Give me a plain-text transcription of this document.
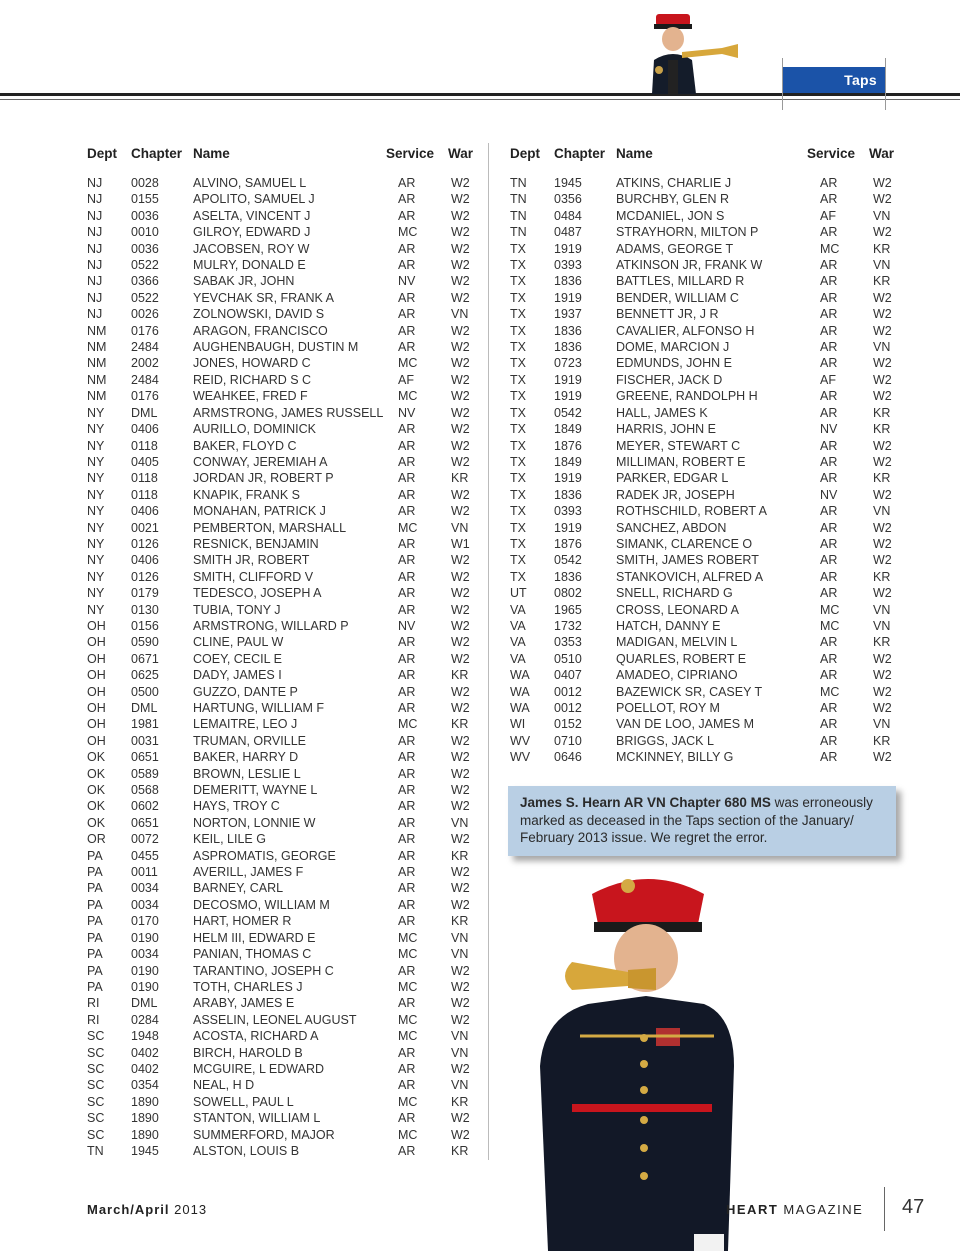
Taps
Dept Chapter Name	Service War
NJ 0028	ALVINO, SAMUEL L	AR	W2
NJ 0155	APOLITO, SAMUEL J	AR	W2
NJ 0036	ASELTA, VINCENT J	AR	W2
NJ 0010	GILROY, EDWARD J	MC	W2
NJ 0036	JACOBSEN, ROY W	AR	W2
NJ 0522	MULRY, DONALD E	AR	W2
NJ 0366	SABAK JR, JOHN	NV	W2
NJ 0522	YEVCHAK SR, FRANK A	AR	W2
NJ 0026	ZOLNOWSKI, DAVID S	AR	VN
NM 0176	ARAGON, FRANCISCO	AR	W2
NM 2484	AUGHENBAUGH, DUSTIN M	AR	W2
NM 2002	JONES, HOWARD C	MC	W2
NM 2484	REID, RICHARD S C	AF	W2
NM 0176	WEAHKEE, FRED F	MC	W2
NY DML	ARMSTRONG, JAMES RUSSELL NV	W2
NY 0406	AURILLO, DOMINICK	AR	W2
NY 0118	BAKER, FLOYD C	AR	W2
NY 0405	CONWAY, JEREMIAH A	AR	W2
NY 0118	JORDAN JR, ROBERT P	AR	KR
NY 0118	KNAPIK, FRANK S	AR	W2
NY 0406	MONAHAN, PATRICK J	AR	W2
NY 0021	PEMBERTON, MARSHALL	MC	VN
NY 0126	RESNICK, BENJAMIN	AR	W1
NY 0406	SMITH JR, ROBERT	AR	W2
NY 0126	SMITH, CLIFFORD V	AR	W2
NY 0179	TEDESCO, JOSEPH A	AR	W2
NY 0130	TUBIA, TONY J	AR	W2
OH 0156	ARMSTRONG, WILLARD P	NV	W2
OH 0590	CLINE, PAUL W	AR	W2
OH 0671	COEY, CECIL E	AR	W2
OH 0625	DADY, JAMES I	AR	KR
OH 0500	GUZZO, DANTE P	AR	W2
OH DML	HARTUNG, WILLIAM F	AR	W2
OH 1981	LEMAITRE, LEO J	MC	KR
OH 0031	TRUMAN, ORVILLE	AR	W2
OK 0651	BAKER, HARRY D	AR	W2
OK 0589	BROWN, LESLIE L	AR	W2
OK 0568	DEMERITT, WAYNE L	AR	W2
OK 0602	HAYS, TROY C	AR	W2
OK 0651	NORTON, LONNIE W	AR	VN
OR 0072	KEIL, LILE G	AR	W2
PA 0455	ASPROMATIS, GEORGE	AR	KR
PA 0011	AVERILL, JAMES F	AR	W2
PA 0034	BARNEY, CARL	AR	W2
PA 0034	DECOSMO, WILLIAM M	AR	W2
PA 0170	HART, HOMER R	AR	KR
PA 0190	HELM III, EDWARD E	MC	VN
PA 0034	PANIAN, THOMAS C	MC	VN
PA 0190	TARANTINO, JOSEPH C	AR	W2
PA 0190	TOTH, CHARLES J	MC	W2
RI	DML	ARABY, JAMES E	AR	W2
RI	0284	ASSELIN, LEONEL AUGUST	MC	W2
SC 1948	ACOSTA, RICHARD A	MC	VN
SC 0402	BIRCH, HAROLD B	AR	VN
SC 0402	MCGUIRE, L EDWARD	AR	W2
SC 0354	NEAL, H D	AR	VN
SC 1890	SOWELL, PAUL L	MC	KR
SC 1890	STANTON, WILLIAM L	AR	W2
SC 1890	SUMMERFORD, MAJOR	MC	W2
TN 1945	ALSTON, LOUIS B	AR	KR
Dept Chapter Name	Service War
TN 1945	ATKINS, CHARLIE J	AR	W2
TN 0356	BURCHBY, GLEN R	AR	W2
TN 0484	MCDANIEL, JON S	AF	VN
TN 0487	STRAYHORN, MILTON P	AR	W2
TX 1919	ADAMS, GEORGE T	MC	KR
TX 0393	ATKINSON JR, FRANK W	AR	VN
TX 1836	BATTLES, MILLARD R	AR	KR
TX 1919	BENDER, WILLIAM C	AR	W2
TX 1937	BENNETT JR, J R	AR	W2
TX 1836	CAVALIER, ALFONSO H	AR	W2
TX 1836	DOME, MARCION J	AR	VN
TX 0723	EDMUNDS, JOHN E	AR	W2
TX 1919	FISCHER, JACK D	AF	W2
TX 1919	GREENE, RANDOLPH H	AR	W2
TX 0542	HALL, JAMES K	AR	KR
TX 1849	HARRIS, JOHN E	NV	KR
TX 1876	MEYER, STEWART C	AR	W2
TX 1849	MILLIMAN, ROBERT E	AR	W2
TX 1919	PARKER, EDGAR L	AR	KR
TX 1836	RADEK JR, JOSEPH	NV	W2
TX 0393	ROTHSCHILD, ROBERT A	AR	VN
TX 1919	SANCHEZ, ABDON	AR	W2
TX 1876	SIMANK, CLARENCE O	AR	W2
TX 0542	SMITH, JAMES ROBERT	AR	W2
TX 1836	STANKOVICH, ALFRED A	AR	KR
UT 0802	SNELL, RICHARD G	AR	W2
VA 1965	CROSS, LEONARD A	MC	VN
VA 1732	HATCH, DANNY E	MC	VN
VA 0353	MADIGAN, MELVIN L	AR	KR
VA 0510	QUARLES, ROBERT E	AR	W2
WA 0407	AMADEO, CIPRIANO	AR	W2
WA 0012	BAZEWICK SR, CASEY T	MC	W2
WA 0012	POELLOT, ROY M	AR	W2
WI 0152	VAN DE LOO, JAMES M	AR	VN
WV 0710	BRIGGS, JACK L	AR	KR
WV 0646	MCKINNEY, BILLY G	AR	W2
James S. Hearn AR VN Chapter 680 MS was erroneously marked as deceased in the Taps section of the January/ February 2013 issue. We regret the error.
March/April 2013	HEART MAGAZINE 47
